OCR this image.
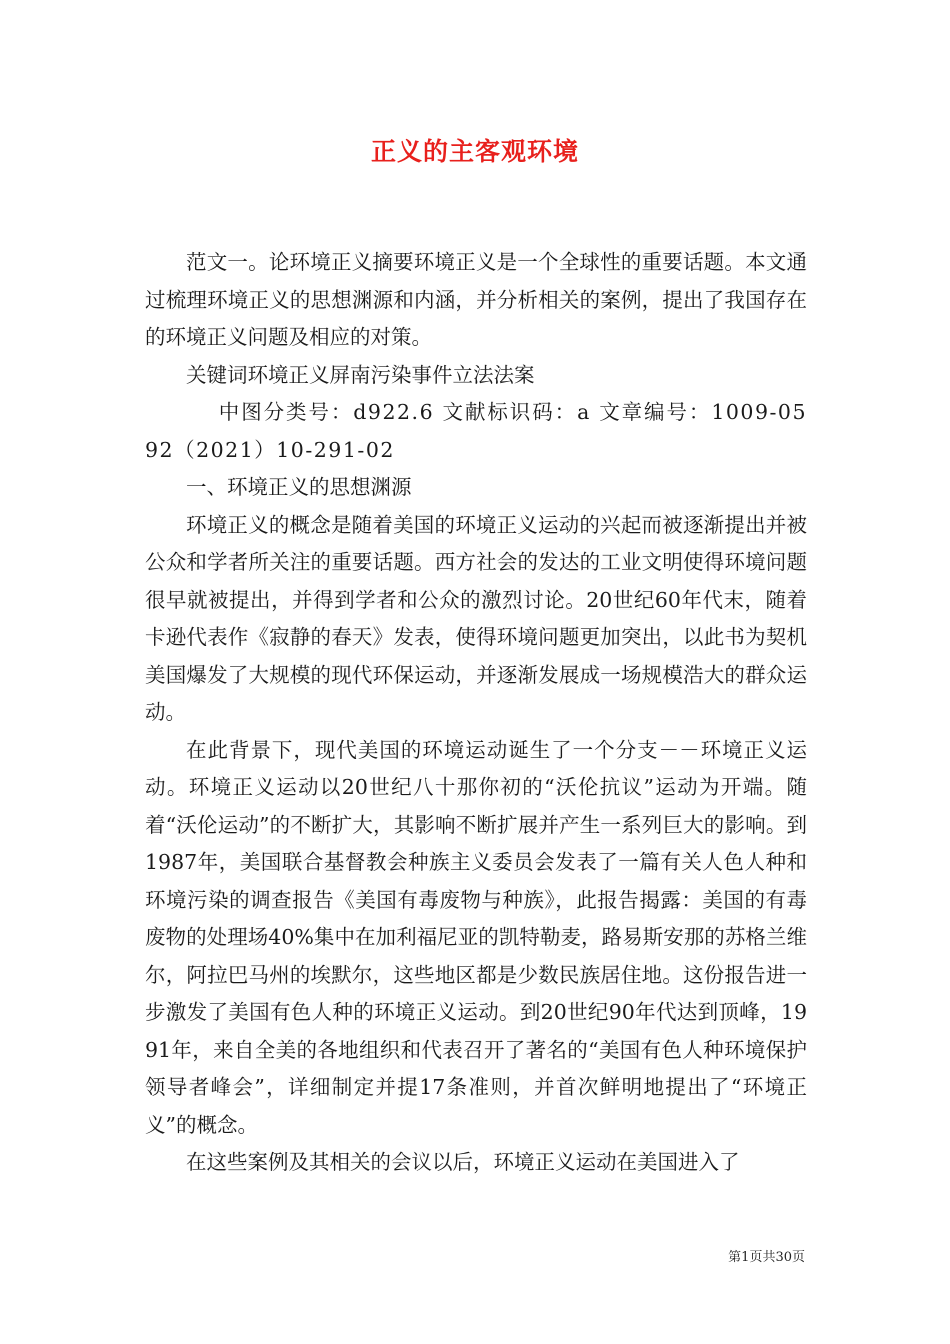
正义的主客观环境

范文一。论环境正义摘要环境正义是一个全球性的重要话题。本文通过梳理环境正义的思想渊源和内涵，并分析相关的案例，提出了我国存在的环境正义问题及相应的对策。

关键词环境正义屏南污染事件立法法案

中图分类号：d922.6 文献标识码：a 文章编号：1009-0592（2021）10-291-02

一、环境正义的思想渊源

环境正义的概念是随着美国的环境正义运动的兴起而被逐渐提出并被公众和学者所关注的重要话题。西方社会的发达的工业文明使得环境问题很早就被提出，并得到学者和公众的激烈讨论。20世纪60年代末，随着卡逊代表作《寂静的春天》发表，使得环境问题更加突出，以此书为契机美国爆发了大规模的现代环保运动，并逐渐发展成一场规模浩大的群众运动。

在此背景下，现代美国的环境运动诞生了一个分支－－环境正义运动。环境正义运动以20世纪八十那你初的“沃伦抗议”运动为开端。随着“沃伦运动”的不断扩大，其影响不断扩展并产生一系列巨大的影响。到1987年，美国联合基督教会种族主义委员会发表了一篇有关人色人种和环境污染的调查报告《美国有毒废物与种族》，此报告揭露：美国的有毒废物的处理场40%集中在加利福尼亚的凯特勒麦，路易斯安那的苏格兰维尔，阿拉巴马州的埃默尔，这些地区都是少数民族居住地。这份报告进一步激发了美国有色人种的环境正义运动。到20世纪90年代达到顶峰，1991年，来自全美的各地组织和代表召开了著名的“美国有色人种环境保护领导者峰会”，详细制定并提17条准则，并首次鲜明地提出了“环境正义”的概念。

在这些案例及其相关的会议以后，环境正义运动在美国进入了

第1页共30页
